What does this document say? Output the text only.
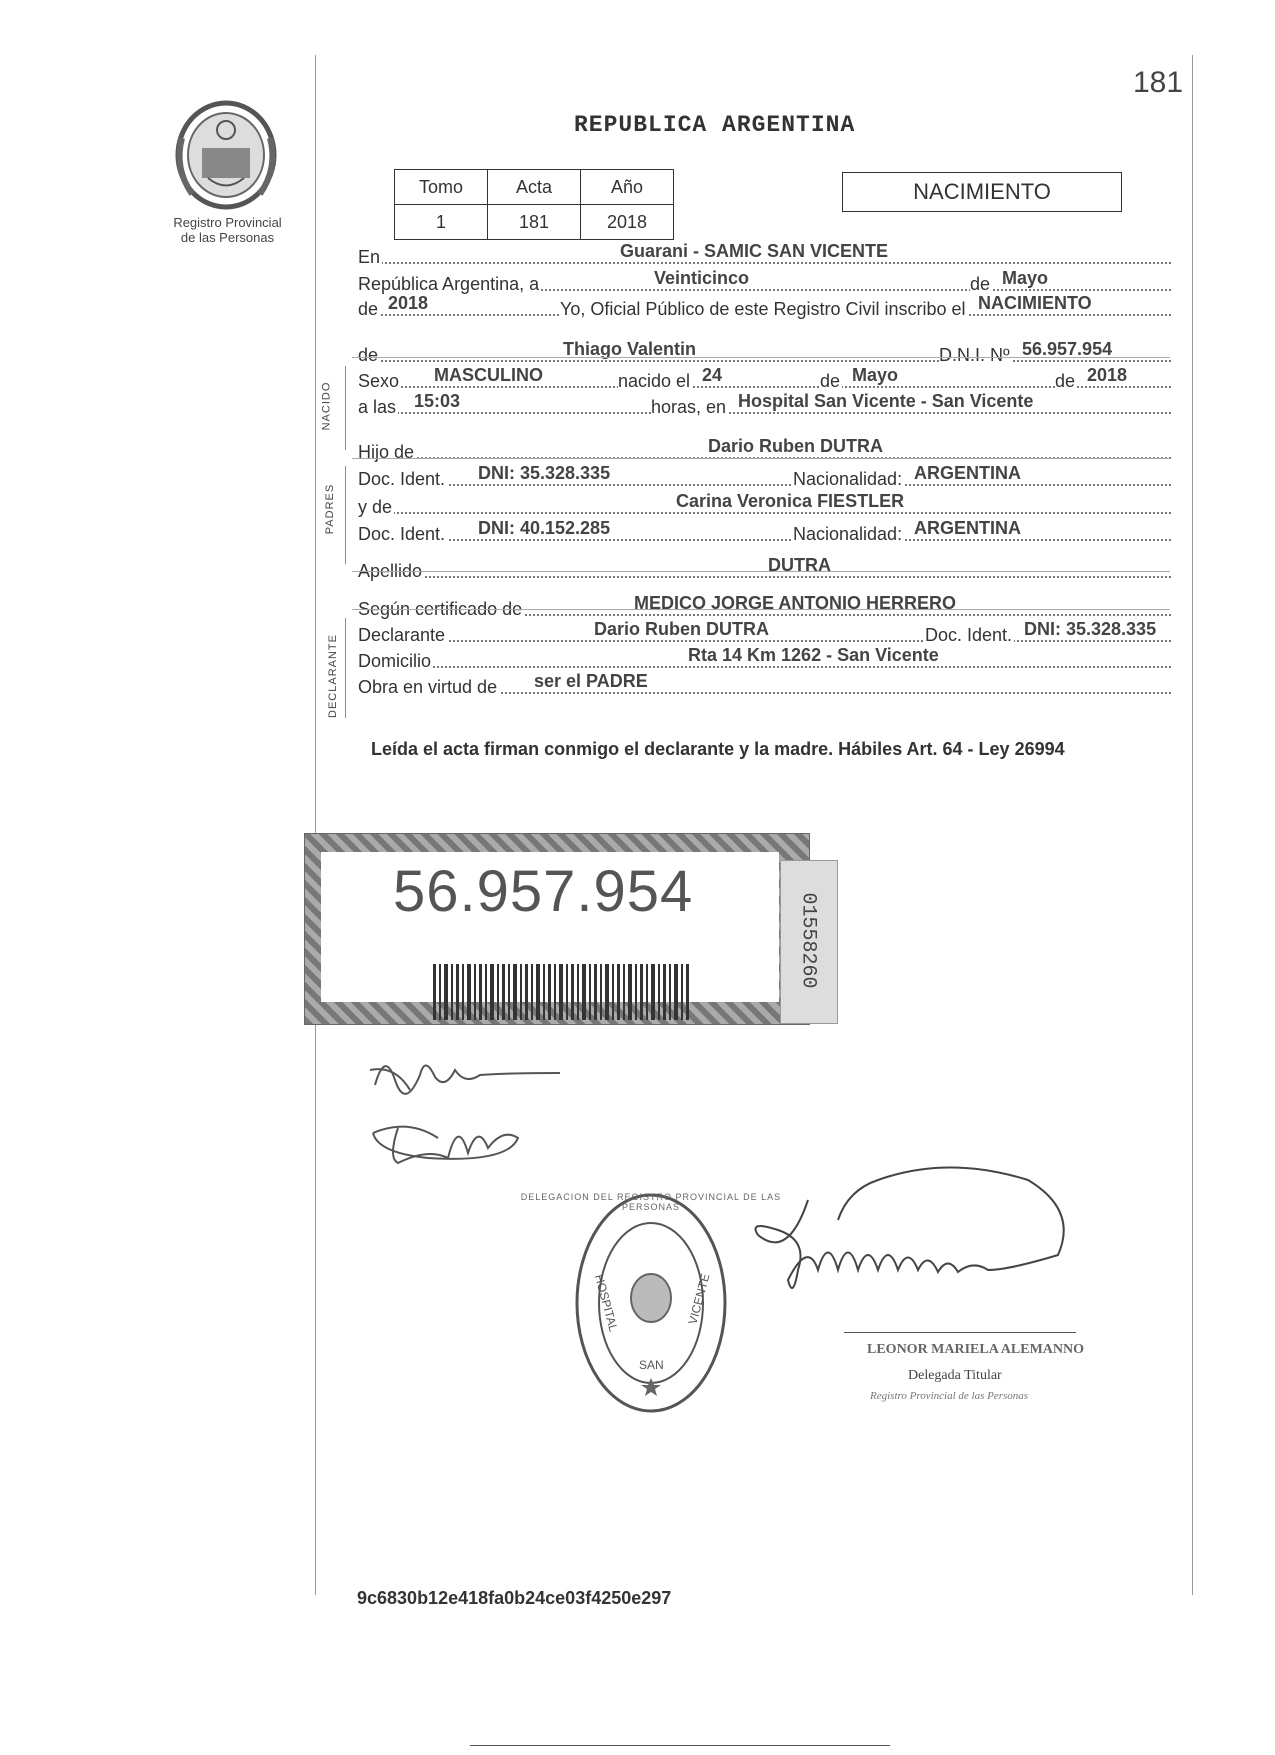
181
Registro Provincial
de las Personas
REPUBLICA ARGENTINA
Tomo	Acta	Año
1	181	2018
NACIMIENTO
En	Guarani - SAMIC SAN VICENTE
República Argentina, a	Veinticinco	de Mayo
de 2018	Yo, Oficial Público de este Registro Civil inscribo el NACIMIENTO
de	Thiago Valentin	D.N.I. Nº 56.957.954
Sexo MASCULINO	nacido el 24	de Mayo	de 2018
a las 15:03	horas, en Hospital San Vicente - San Vicente
Hijo de	Dario Ruben DUTRA
Doc. Ident. DNI: 35.328.335	Nacionalidad: ARGENTINA
y de	Carina Veronica FIESTLER
Doc. Ident. DNI: 40.152.285	Nacionalidad: ARGENTINA
Apellido	DUTRA
Según certificado de	MEDICO JORGE ANTONIO HERRERO
Declarante	Dario Ruben DUTRA	Doc. Ident. DNI: 35.328.335
Domicilio	Rta 14 Km 1262 - San Vicente
Obra en virtud de ser el PADRE
NACIDO
PADRES
DECLARANTE
Leída el acta firman conmigo el declarante y la madre. Hábiles Art. 64 - Ley 26994
56.957.954
01558260
DELEGACION DEL REGISTRO PROVINCIAL DE LAS PERSONAS
HOSPITAL
SAN
VICENTE
LEONOR MARIELA ALEMANNO
Delegada Titular
Registro Provincial de las Personas
9c6830b12e418fa0b24ce03f4250e297
